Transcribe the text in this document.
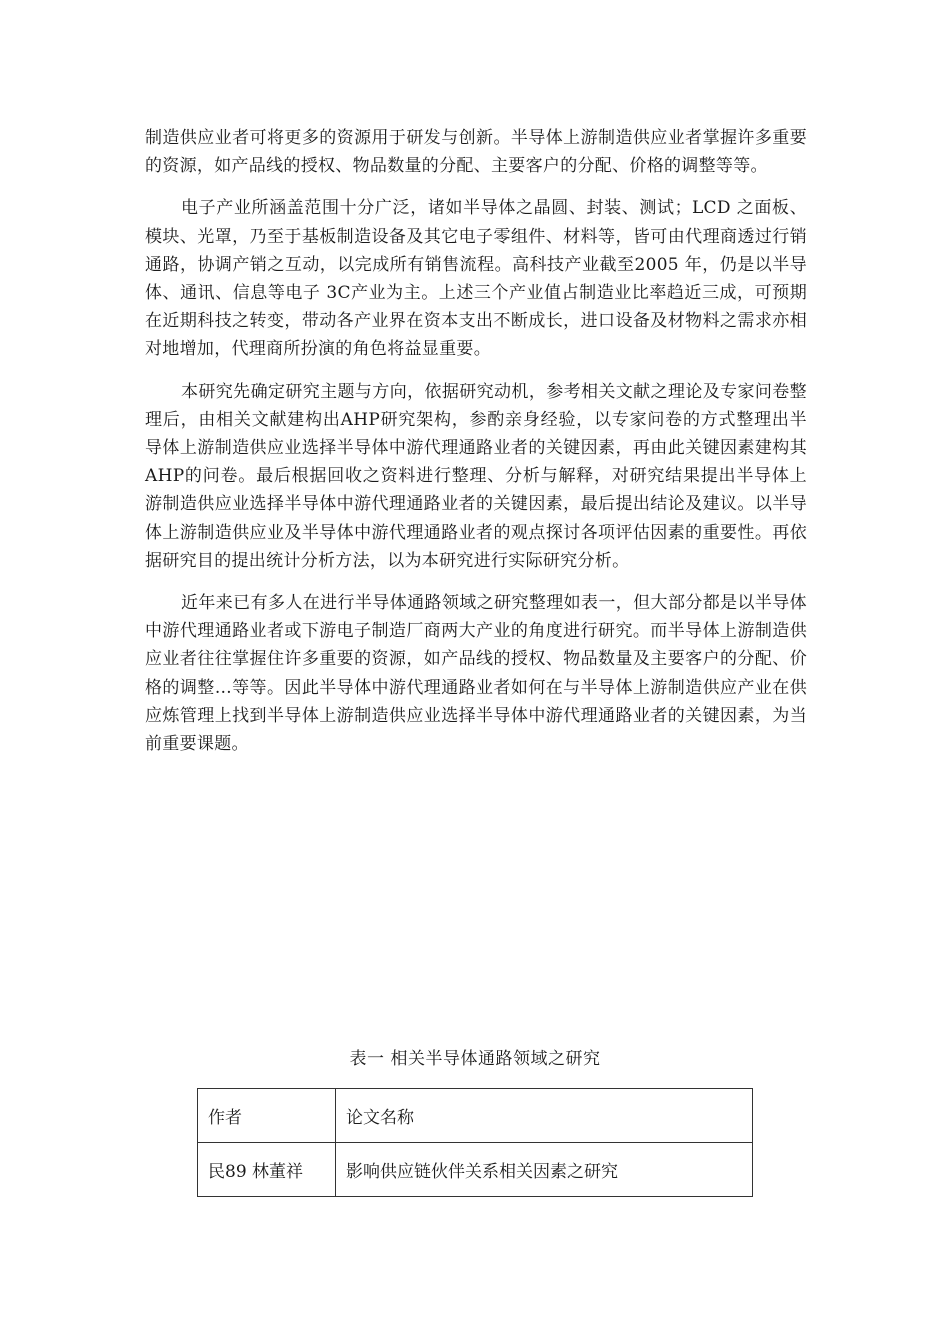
制造供应业者可将更多的资源用于研发与创新。半导体上游制造供应业者掌握许多重要的资源，如产品线的授权、物品数量的分配、主要客户的分配、价格的调整等等。

电子产业所涵盖范围十分广泛，诸如半导体之晶圆、封装、测试；LCD 之面板、模块、光罩，乃至于基板制造设备及其它电子零组件、材料等，皆可由代理商透过行销通路，协调产销之互动，以完成所有销售流程。高科技产业截至2005 年，仍是以半导体、通讯、信息等电子 3C产业为主。上述三个产业值占制造业比率趋近三成，可预期在近期科技之转变，带动各产业界在资本支出不断成长，进口设备及材物料之需求亦相对地增加，代理商所扮演的角色将益显重要。

本研究先确定研究主题与方向，依据研究动机，参考相关文献之理论及专家问卷整理后，由相关文献建构出AHP研究架构，参酌亲身经验，以专家问卷的方式整理出半导体上游制造供应业选择半导体中游代理通路业者的关键因素，再由此关键因素建构其AHP的问卷。最后根据回收之资料进行整理、分析与解释，对研究结果提出半导体上游制造供应业选择半导体中游代理通路业者的关键因素，最后提出结论及建议。以半导体上游制造供应业及半导体中游代理通路业者的观点探讨各项评估因素的重要性。再依据研究目的提出统计分析方法，以为本研究进行实际研究分析。

近年来已有多人在进行半导体通路领域之研究整理如表一，但大部分都是以半导体中游代理通路业者或下游电子制造厂商两大产业的角度进行研究。而半导体上游制造供应业者往往掌握住许多重要的资源，如产品线的授权、物品数量及主要客户的分配、价格的调整…等等。因此半导体中游代理通路业者如何在与半导体上游制造供应产业在供应炼管理上找到半导体上游制造供应业选择半导体中游代理通路业者的关键因素，为当前重要课题。

表一 相关半导体通路领域之研究
作者	论文名称
民89 林董祥	影响供应链伙伴关系相关因素之研究
